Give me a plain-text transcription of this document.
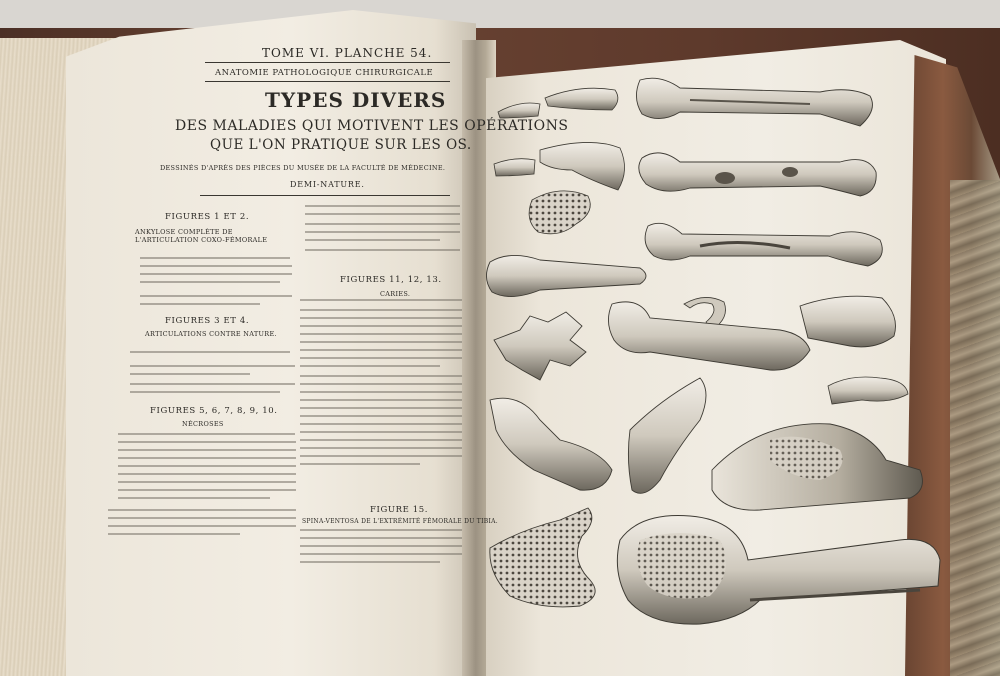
TOME VI. PLANCHE 54.
ANATOMIE PATHOLOGIQUE CHIRURGICALE
TYPES DIVERS
DES MALADIES QUI MOTIVENT LES OPÉRATIONS
QUE L'ON PRATIQUE SUR LES OS.
DESSINÉS D'APRÈS DES PIÈCES DU MUSÉE DE LA FACULTÉ DE MÉDECINE.
DEMI-NATURE.
FIGURES 1 ET 2.
ANKYLOSE COMPLÈTE DE L'ARTICULATION COXO-FÉMORALE
FIGURES 3 ET 4.
ARTICULATIONS CONTRE NATURE.
FIGURES 5, 6, 7, 8, 9, 10.
NÉCROSES
FIGURES 11, 12, 13.
CARIES.
FIGURE 15.
SPINA-VENTOSA DE L'EXTRÉMITÉ FÉMORALE DU TIBIA.
